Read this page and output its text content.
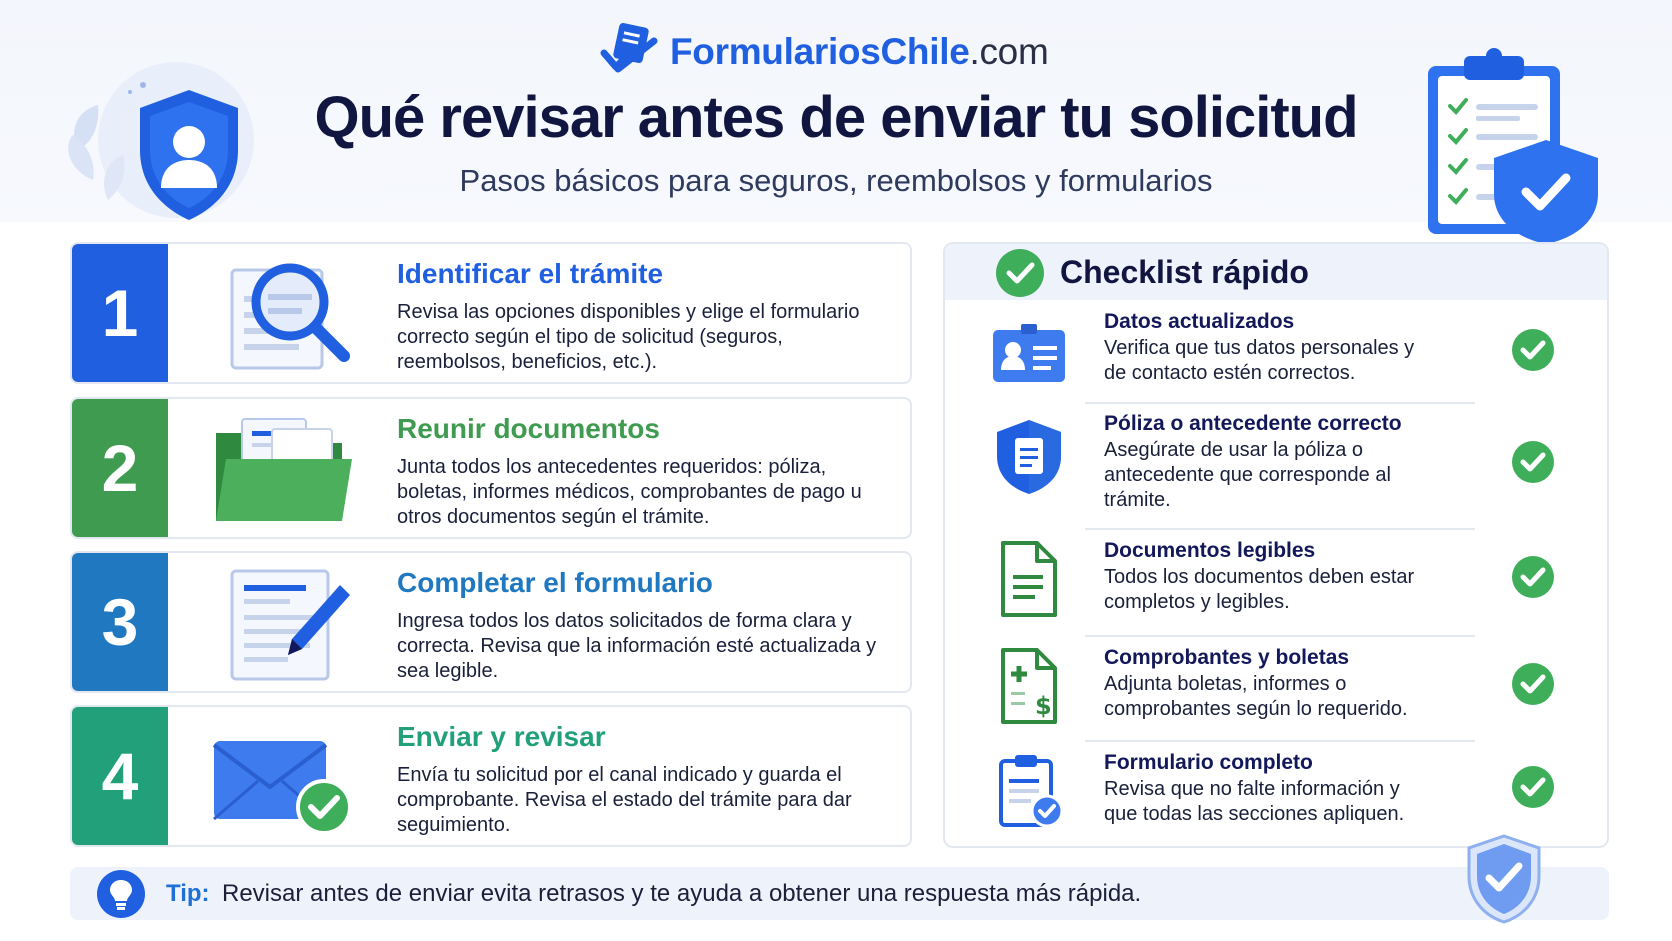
FormulariosChile.com
Qué revisar antes de enviar tu solicitud
Pasos básicos para seguros, reembolsos y formularios
1
Identificar el trámite
Revisa las opciones disponibles y elige el formulario correcto según el tipo de solicitud (seguros, reembolsos, beneficios, etc.).
2
Reunir documentos
Junta todos los antecedentes requeridos: póliza, boletas, informes médicos, comprobantes de pago u otros documentos según el trámite.
3
Completar el formulario
Ingresa todos los datos solicitados de forma clara y correcta. Revisa que la información esté actualizada y sea legible.
4
Enviar y revisar
Envía tu solicitud por el canal indicado y guarda el comprobante. Revisa el estado del trámite para dar seguimiento.
Checklist rápido
Datos actualizados
Verifica que tus datos personales y de contacto estén correctos.
Póliza o antecedente correcto
Asegúrate de usar la póliza o antecedente que corresponde al trámite.
Documentos legibles
Todos los documentos deben estar completos y legibles.
$
Comprobantes y boletas
Adjunta boletas, informes o comprobantes según lo requerido.
Formulario completo
Revisa que no falte información y que todas las secciones apliquen.
Tip: Revisar antes de enviar evita retrasos y te ayuda a obtener una respuesta más rápida.
